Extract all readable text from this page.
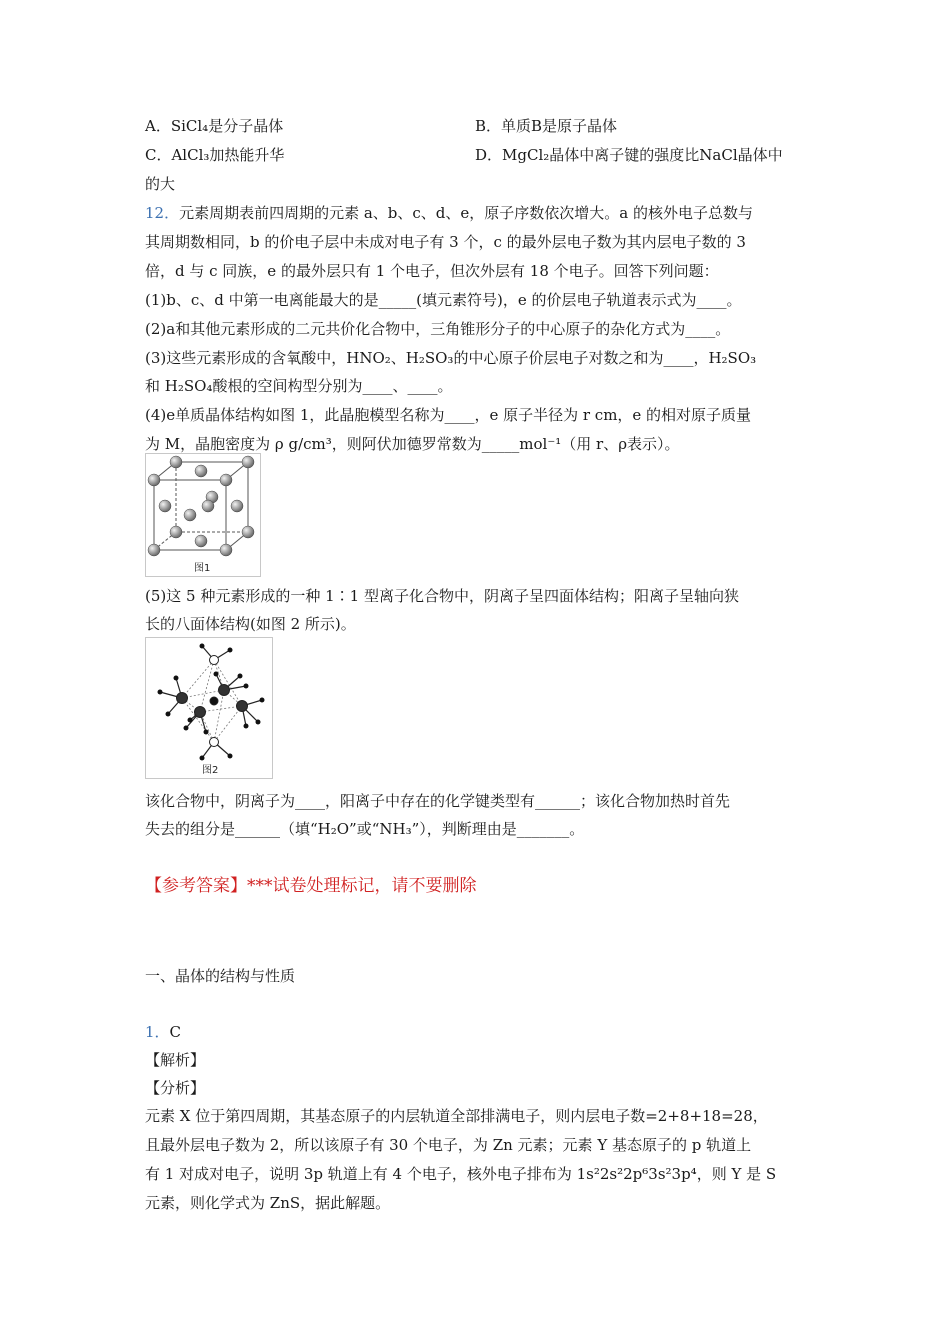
A．SiCl₄是分子晶体	B．单质B是原子晶体
C．AlCl₃加热能升华	D．MgCl₂晶体中离子键的强度比NaCl晶体中
的大
12．元素周期表前四周期的元素 a、b、c、d、e，原子序数依次增大。a 的核外电子总数与
其周期数相同，b 的价电子层中未成对电子有 3 个，c 的最外层电子数为其内层电子数的 3
倍，d 与 c 同族，e 的最外层只有 1 个电子，但次外层有 18 个电子。回答下列问题：
(1)b、c、d 中第一电离能最大的是_____(填元素符号)，e 的价层电子轨道表示式为____。
(2)a和其他元素形成的二元共价化合物中，三角锥形分子的中心原子的杂化方式为____。
(3)这些元素形成的含氧酸中，HNO₂、H₂SO₃的中心原子价层电子对数之和为____，H₂SO₃
和 H₂SO₄酸根的空间构型分别为____、____。
(4)e单质晶体结构如图 1，此晶胞模型名称为____，e 原子半径为 r cm，e 的相对原子质量
为 M，晶胞密度为 ρ g/cm³，则阿伏加德罗常数为_____mol⁻¹（用 r、ρ表示）。
图1
(5)这 5 种元素形成的一种 1∶1 型离子化合物中，阴离子呈四面体结构；阳离子呈轴向狭
长的八面体结构(如图 2 所示)。
图2
该化合物中，阴离子为____，阳离子中存在的化学键类型有______；该化合物加热时首先
失去的组分是______（填“H₂O”或“NH₃”），判断理由是_______。
【参考答案】***试卷处理标记，请不要删除
一、晶体的结构与性质
1．C
【解析】
【分析】
元素 X 位于第四周期，其基态原子的内层轨道全部排满电子，则内层电子数=2+8+18=28，
且最外层电子数为 2，所以该原子有 30 个电子，为 Zn 元素；元素 Y 基态原子的 p 轨道上
有 1 对成对电子，说明 3p 轨道上有 4 个电子，核外电子排布为 1s²2s²2p⁶3s²3p⁴，则 Y 是 S
元素，则化学式为 ZnS，据此解题。
